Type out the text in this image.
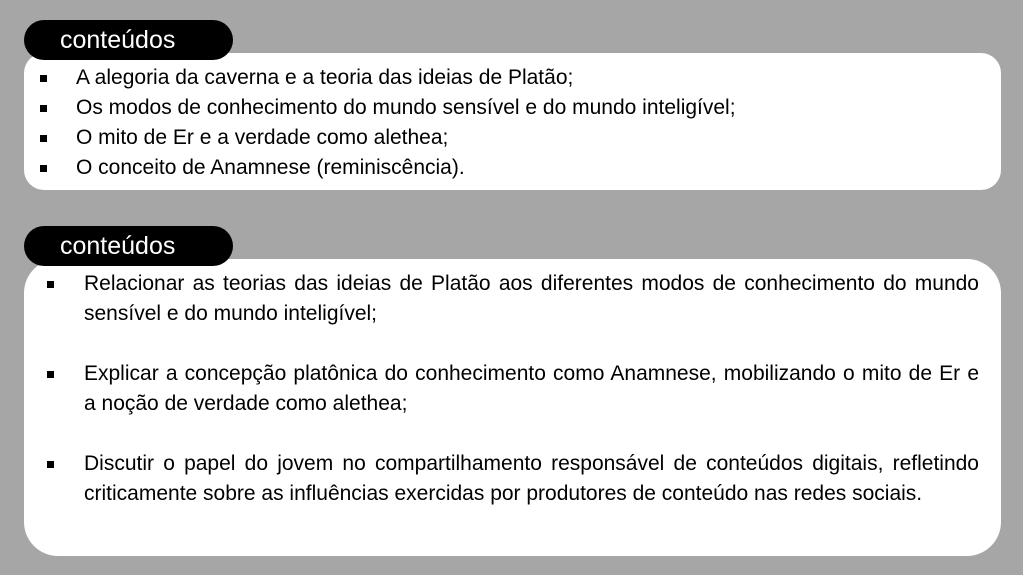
conteúdos
A alegoria da caverna e a teoria das ideias de Platão;
Os modos de conhecimento do mundo sensível e do mundo inteligível;
O mito de Er e a verdade como alethea;
O conceito de Anamnese (reminiscência).
conteúdos
Relacionar as teorias das ideias de Platão aos diferentes modos de conhecimento do mundo sensível e do mundo inteligível;
Explicar a concepção platônica do conhecimento como Anamnese, mobilizando o mito de Er e a noção de verdade como alethea;
Discutir o papel do jovem no compartilhamento responsável de conteúdos digitais, refletindo criticamente sobre as influências exercidas por produtores de conteúdo nas redes sociais.
